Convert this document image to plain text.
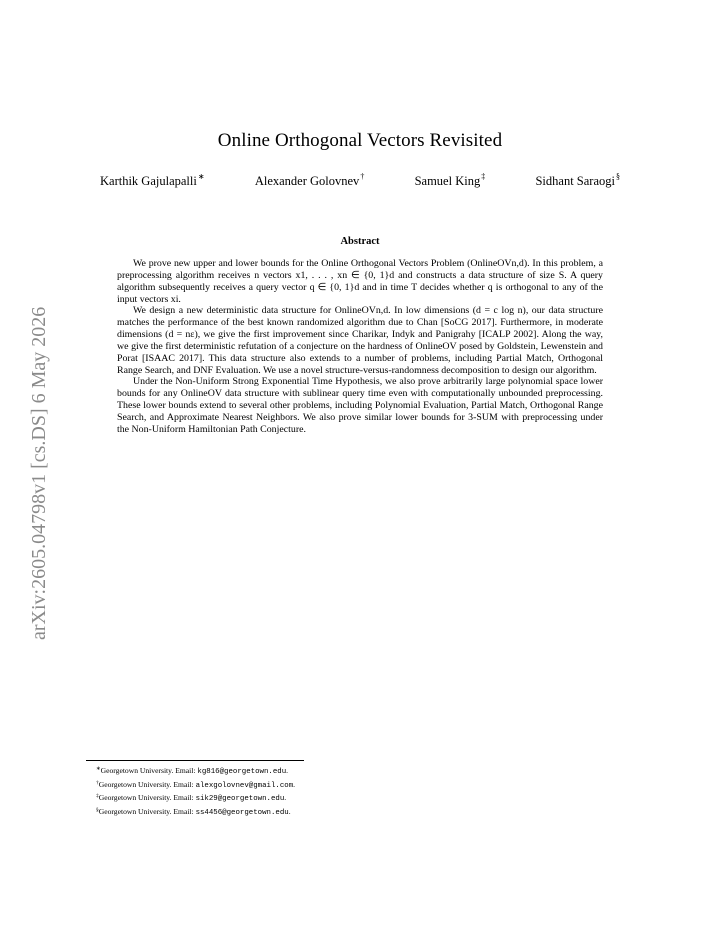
arXiv:2605.04798v1 [cs.DS] 6 May 2026
Online Orthogonal Vectors Revisited
Karthik Gajulapalli∗	Alexander Golovnev†	Samuel King‡	Sidhant Saraogi§
Abstract

We prove new upper and lower bounds for the Online Orthogonal Vectors Problem (OnlineOVn,d). In this problem, a preprocessing algorithm receives n vectors x1, . . . , xn ∈ {0, 1}d and constructs a data structure of size S. A query algorithm subsequently receives a query vector q ∈ {0, 1}d and in time T decides whether q is orthogonal to any of the input vectors xi.

We design a new deterministic data structure for OnlineOVn,d. In low dimensions (d = c log n), our data structure matches the performance of the best known randomized algorithm due to Chan [SoCG 2017]. Furthermore, in moderate dimensions (d = nε), we give the first improvement since Charikar, Indyk and Panigrahy [ICALP 2002]. Along the way, we give the first deterministic refutation of a conjecture on the hardness of OnlineOV posed by Goldstein, Lewenstein and Porat [ISAAC 2017]. This data structure also extends to a number of problems, including Partial Match, Orthogonal Range Search, and DNF Evaluation. We use a novel structure-versus-randomness decomposition to design our algorithm.

Under the Non-Uniform Strong Exponential Time Hypothesis, we also prove arbitrarily large polynomial space lower bounds for any OnlineOV data structure with sublinear query time even with computationally unbounded preprocessing. These lower bounds extend to several other problems, including Polynomial Evaluation, Partial Match, Orthogonal Range Search, and Approximate Nearest Neighbors. We also prove similar lower bounds for 3-SUM with preprocessing under the Non-Uniform Hamiltonian Path Conjecture.

∗Georgetown University. Email: kg816@georgetown.edu.
†Georgetown University. Email: alexgolovnev@gmail.com.
‡Georgetown University. Email: sik29@georgetown.edu.
§Georgetown University. Email: ss4456@georgetown.edu.
